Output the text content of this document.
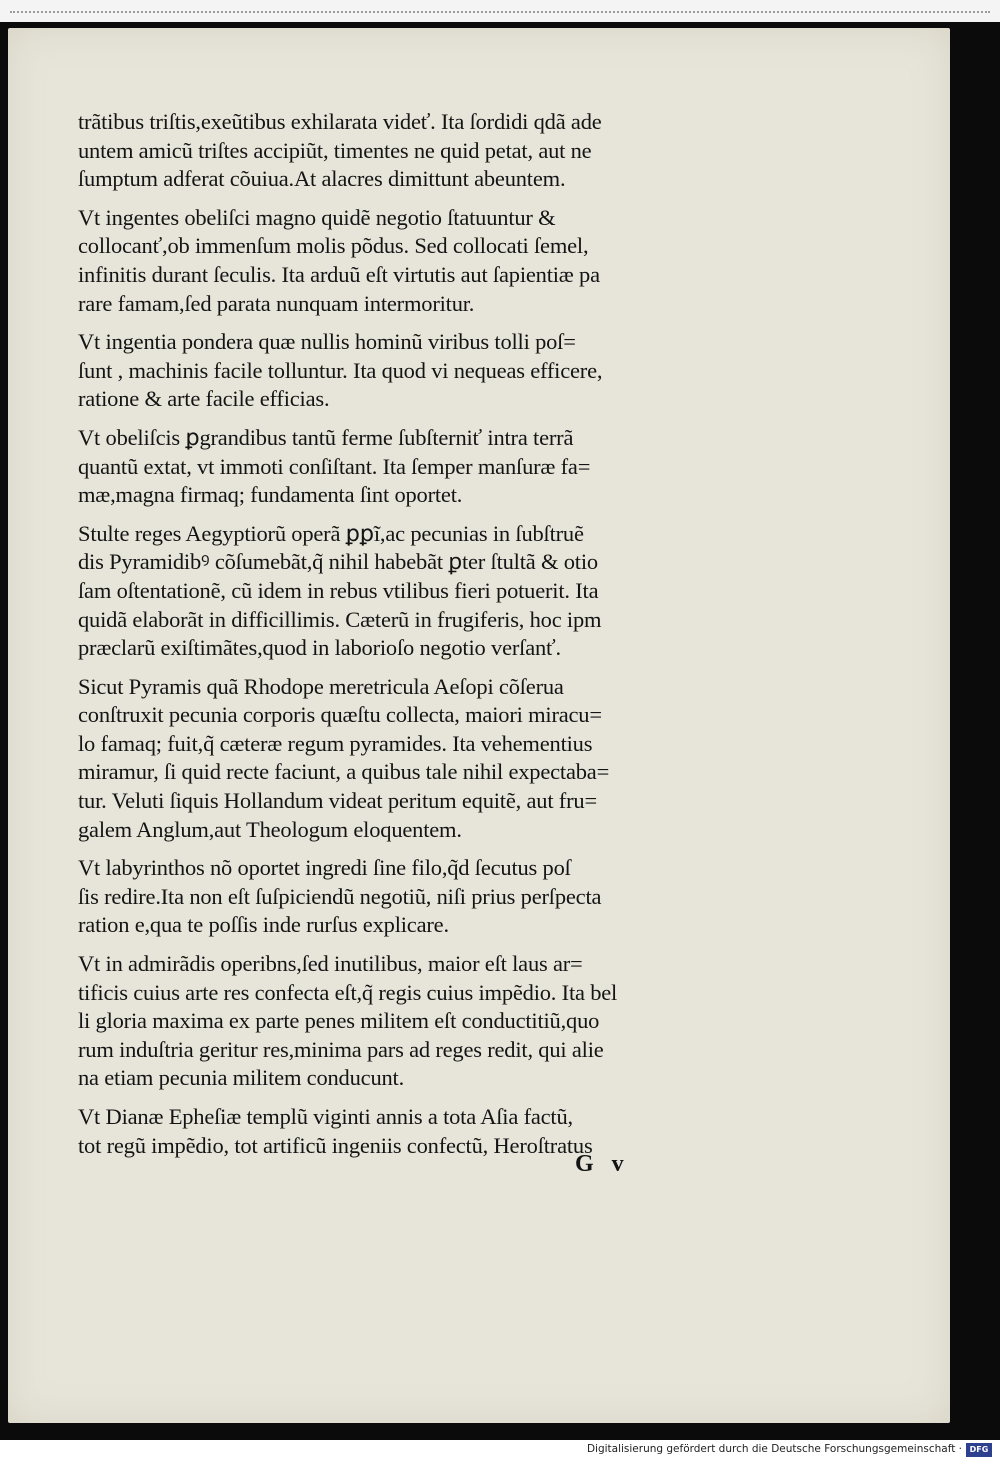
trãtibus triſtis,exeũtibus exhilarata videť. Ita ſordidi qdã ade
untem amicũ triſtes accipiũt, timentes ne quid petat, aut ne
ſumptum adferat cõuiua.At alacres dimittunt abeuntem.
Vt ingentes obeliſci magno quidẽ negotio ſtatuuntur &
collocanť,ob immenſum molis põdus. Sed collocati ſemel,
infinitis durant ſeculis. Ita arduũ eſt virtutis aut ſapientiæ pa
rare famam,ſed parata nunquam intermoritur.
Vt ingentia pondera quæ nullis hominũ viribus tolli poſ=
ſunt , machinis facile tolluntur. Ita quod vi nequeas efficere,
ratione & arte facile efficias.
Vt obeliſcis ꝑgrandibus tantũ ferme ſubſterniť intra terrã
quantũ extat, vt immoti conſiſtant. Ita ſemper manſuræ fa=
mæ,magna firmaq; fundamenta ſint oportet.
Stulte reges Aegyptiorũ operã ꝑꝑĩ,ac pecunias in ſubſtruẽ
dis Pyramidibꝰ cõſumebãt,q̃ nihil habebãt ꝑter ſtultã & otio
ſam oſtentationẽ, cũ idem in rebus vtilibus fieri potuerit. Ita
quidã elaborãt in difficillimis. Cæterũ in frugiferis, hoc ipm
præclarũ exiſtimãtes,quod in laborioſo negotio verſanť.
Sicut Pyramis quã Rhodope meretricula Aeſopi cõſerua
conſtruxit pecunia corporis quæſtu collecta, maiori miracu=
lo famaq; fuit,q̃ cæteræ regum pyramides. Ita vehementius
miramur, ſi quid recte faciunt, a quibus tale nihil expectaba=
tur. Veluti ſiquis Hollandum videat peritum equitẽ, aut fru=
galem Anglum,aut Theologum eloquentem.
Vt labyrinthos nõ oportet ingredi ſine filo,q̃d ſecutus poſ
ſis redire.Ita non eſt ſuſpiciendũ negotiũ, niſi prius perſpecta
ration e,qua te poſſis inde rurſus explicare.
Vt in admirãdis operibns,ſed inutilibus, maior eſt laus ar=
tificis cuius arte res confecta eſt,q̃ regis cuius impẽdio. Ita bel
li gloria maxima ex parte penes militem eſt conductitiũ,quo
rum induſtria geritur res,minima pars ad reges redit, qui alie
na etiam pecunia militem conducunt.
Vt Dianæ Epheſiæ templũ viginti annis a tota Aſia factũ,
tot regũ impẽdio, tot artificũ ingeniis confectũ, Heroſtratus
G v
Digitalisierung gefördert durch die Deutsche Forschungsgemeinschaft · DFG
